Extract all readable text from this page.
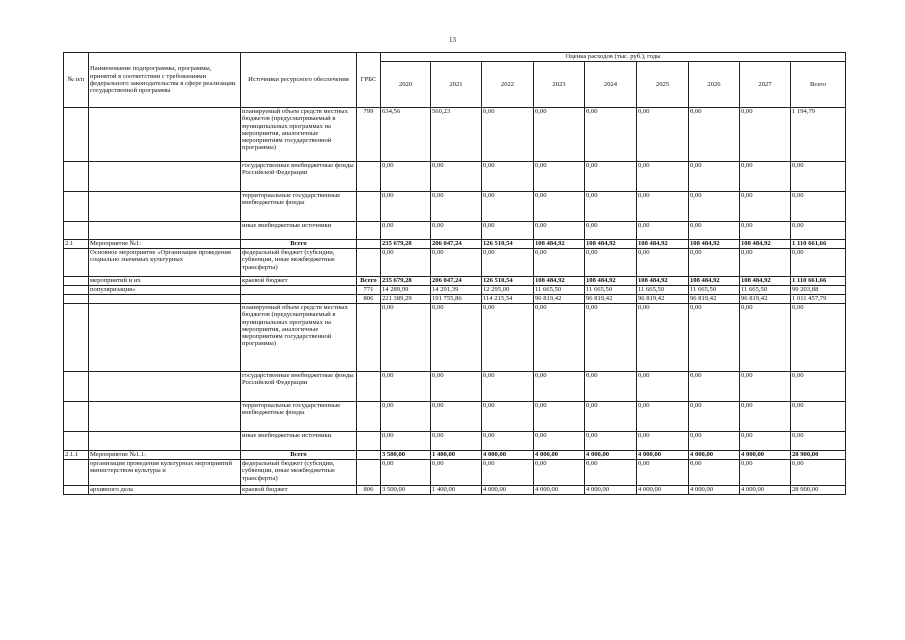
13
№ п/п	Наименование подпрограммы, программы, принятой в соответствии с требованиями федерального законодательства в сфере реализации государственной программы	Источники ресурсного обеспечения	ГРБС	Оценка расходов (тыс. руб.), годы								
				2020	2021	2022	2023	2024	2025	2026	2027	Всего
		планируемый объем средств местных бюджетов (предусматриваемый в муниципальных программах на мероприятия, аналогичные мероприятиям государственной программы)	799	634,56	560,23	0,00	0,00	0,00	0,00	0,00	0,00	1 194,79
		государственные внебюджетные фонды Российской Федерации		0,00	0,00	0,00	0,00	0,00	0,00	0,00	0,00	0,00
		территориальные государственные внебюджетные фонды		0,00	0,00	0,00	0,00	0,00	0,00	0,00	0,00	0,00
		иные внебюджетные источники		0,00	0,00	0,00	0,00	0,00	0,00	0,00	0,00	0,00
2.1	Мероприятие №1:	Всего		235 679,28	206 047,24	126 510,54	108 484,92	108 484,92	108 484,92	108 484,92	108 484,92	1 110 661,66
	Основное мероприятие «Организация проведения социально значимых культурных	федеральный бюджет (субсидии, субвенции, иные межбюджетные трансферты)		0,00	0,00	0,00	0,00	0,00	0,00	0,00	0,00	0,00
	мероприятий и их	краевой бюджет	Всего	235 679,28	206 047,24	126 510,54	108 484,92	108 484,92	108 484,92	108 484,92	108 484,92	1 110 661,66
	популяризация»		771	14 289,99	14 291,39	12 295,00	11 665,50	11 665,50	11 665,50	11 665,50	11 665,50	99 203,88
			806	221 389,29	191 755,86	114 215,54	96 819,42	96 819,42	96 819,42	96 819,42	96 819,42	1 011 457,79
		планируемый объем средств местных бюджетов (предусматриваемый в муниципальных программах на мероприятия, аналогичные мероприятиям государственной программы)		0,00	0,00	0,00	0,00	0,00	0,00	0,00	0,00	0,00
		государственные внебюджетные фонды Российской Федерации		0,00	0,00	0,00	0,00	0,00	0,00	0,00	0,00	0,00
		территориальные государственные внебюджетные фонды		0,00	0,00	0,00	0,00	0,00	0,00	0,00	0,00	0,00
		иные внебюджетные источники		0,00	0,00	0,00	0,00	0,00	0,00	0,00	0,00	0,00
2.1.1	Мероприятие №1.1:	Всего		3 500,00	1 400,00	4 000,00	4 000,00	4 000,00	4 000,00	4 000,00	4 000,00	28 900,00
	организация проведения культурных мероприятий министерством культуры и	федеральный бюджет (субсидии, субвенции, иные межбюджетные трансферты)		0,00	0,00	0,00	0,00	0,00	0,00	0,00	0,00	0,00
	архивного дела	краевой бюджет	806	3 500,00	1 400,00	4 000,00	4 000,00	4 000,00	4 000,00	4 000,00	4 000,00	28 900,00
